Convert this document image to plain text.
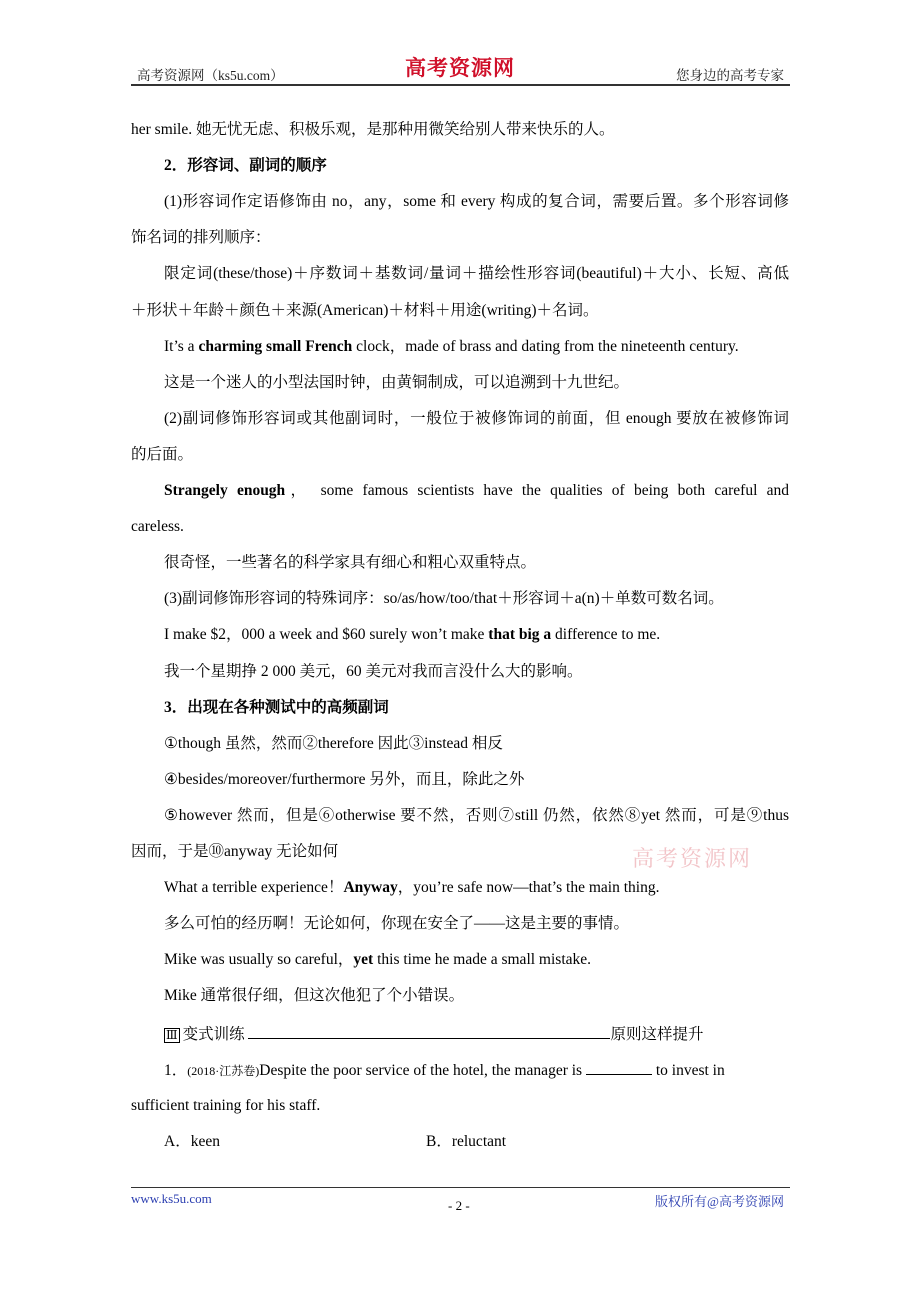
高考资源网（ks5u.com）	高考资源网	您身边的高考专家
高考资源网
her smile. 她无忧无虑、积极乐观，是那种用微笑给别人带来快乐的人。
2．形容词、副词的顺序
(1)形容词作定语修饰由 no，any，some 和 every 构成的复合词，需要后置。多个形容词修
饰名词的排列顺序：
限定词(these/those)＋序数词＋基数词/量词＋描绘性形容词(beautiful)＋大小、长短、高低
＋形状＋年龄＋颜色＋来源(American)＋材料＋用途(writing)＋名词。
It’s a charming small French clock，made of brass and dating from the nineteenth century.
这是一个迷人的小型法国时钟，由黄铜制成，可以追溯到十九世纪。
(2)副词修饰形容词或其他副词时，一般位于被修饰词的前面，但 enough 要放在被修饰词
的后面。
Strangely enough， some famous scientists have the qualities of being both careful and
careless.
很奇怪，一些著名的科学家具有细心和粗心双重特点。
(3)副词修饰形容词的特殊词序：so/as/how/too/that＋形容词＋a(n)＋单数可数名词。
I make $2，000 a week and $60 surely won’t make that big a difference to me.
我一个星期挣 2 000 美元，60 美元对我而言没什么大的影响。
3．出现在各种测试中的高频副词
①though 虽然，然而②therefore 因此③instead 相反
④besides/moreover/furthermore 另外，而且，除此之外
⑤however 然而，但是⑥otherwise 要不然，否则⑦still 仍然，依然⑧yet 然而，可是⑨thus
因而，于是⑩anyway 无论如何
What a terrible experience！Anyway，you’re safe now—that’s the main thing.
多么可怕的经历啊！无论如何，你现在安全了——这是主要的事情。
Mike was usually so careful，yet this time he made a small mistake.
Mike 通常很仔细，但这次他犯了个小错误。
Ⅲ 变式训练	原则这样提升
1．(2018·江苏卷)Despite the poor service of the hotel, the manager is	to invest in
sufficient training for his staff.
A．keen	B．reluctant
www.ks5u.com	- 2 -	版权所有@高考资源网
